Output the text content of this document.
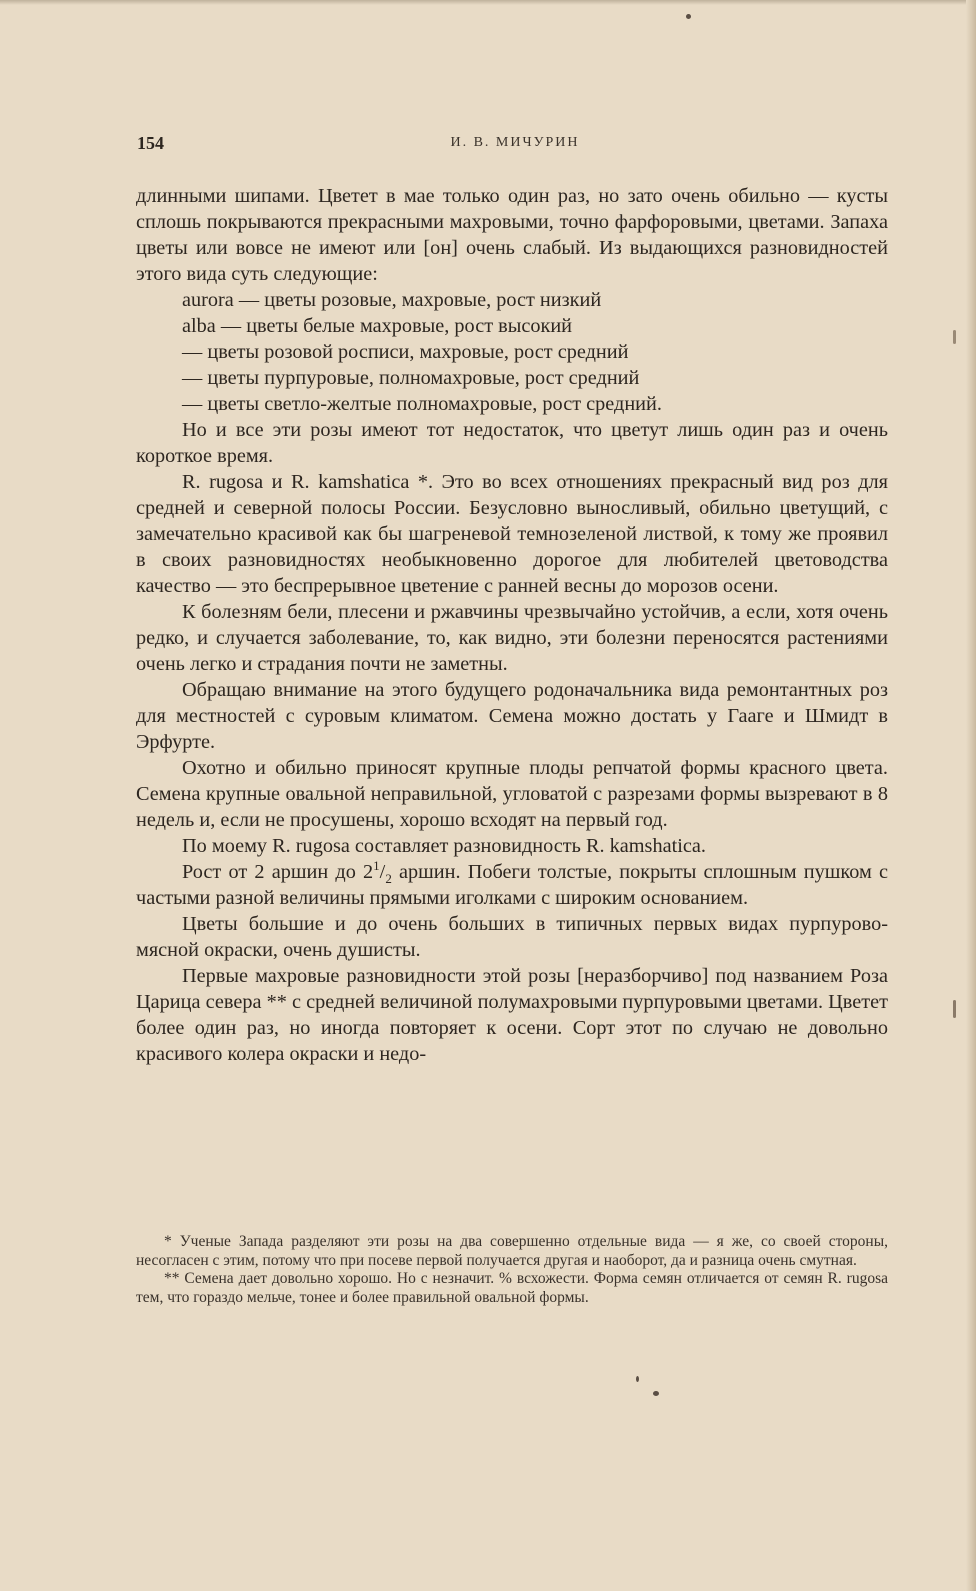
154	И. В. МИЧУРИН

длинными шипами. Цветет в мае только один раз, но зато очень обильно — кусты сплошь покрываются прекрасными махровыми, точно фарфоровыми, цветами. Запаха цветы или вовсе не имеют или [он] очень слабый. Из выдающихся разновидностей этого вида суть следующие:

aurora — цветы розовые, махровые, рост низкий

alba — цветы белые махровые, рост высокий

— цветы розовой росписи, махровые, рост средний

— цветы пурпуровые, полномахровые, рост средний

— цветы светло-желтые полномахровые, рост средний.

Но и все эти розы имеют тот недостаток, что цветут лишь один раз и очень короткое время.

R. rugosa и R. kamshatica *. Это во всех отношениях прекрасный вид роз для средней и северной полосы России. Безусловно выносливый, обильно цветущий, с замечательно красивой как бы шагреневой темнозеленой листвой, к тому же проявил в своих разновидностях необыкновенно дорогое для любителей цветоводства качество — это беспрерывное цветение с ранней весны до морозов осени.

К болезням бели, плесени и ржавчины чрезвычайно устойчив, а если, хотя очень редко, и случается заболевание, то, как видно, эти болезни переносятся растениями очень легко и страдания почти не заметны.

Обращаю внимание на этого будущего родоначальника вида ремонтантных роз для местностей с суровым климатом. Семена можно достать у Гааге и Шмидт в Эрфурте.

Охотно и обильно приносят крупные плоды репчатой формы красного цвета. Семена крупные овальной неправильной, угловатой с разрезами формы вызревают в 8 недель и, если не просушены, хорошо всходят на первый год.

По моему R. rugosa составляет разновидность R. kamshatica.

Рост от 2 аршин до $2^1/_2$ аршин. Побеги толстые, покрыты сплошным пушком с частыми разной величины прямыми иголками с широким основанием.

Цветы большие и до очень больших в типичных первых видах пурпурово-мясной окраски, очень душисты.

Первые махровые разновидности этой розы [неразборчиво] под названием Роза Царица севера ** с средней величиной полумахровыми пурпуровыми цветами. Цветет более один раз, но иногда повторяет к осени. Сорт этот по случаю не довольно красивого колера окраски и недо-

* Ученые Запада разделяют эти розы на два совершенно отдельные вида — я же, со своей стороны, несогласен с этим, потому что при посеве первой получается другая и наоборот, да и разница очень смутная.

** Семена дает довольно хорошо. Но с незначит. % всхожести. Форма семян отличается от семян R. rugosa тем, что гораздо мельче, тонее и более правильной овальной формы.
